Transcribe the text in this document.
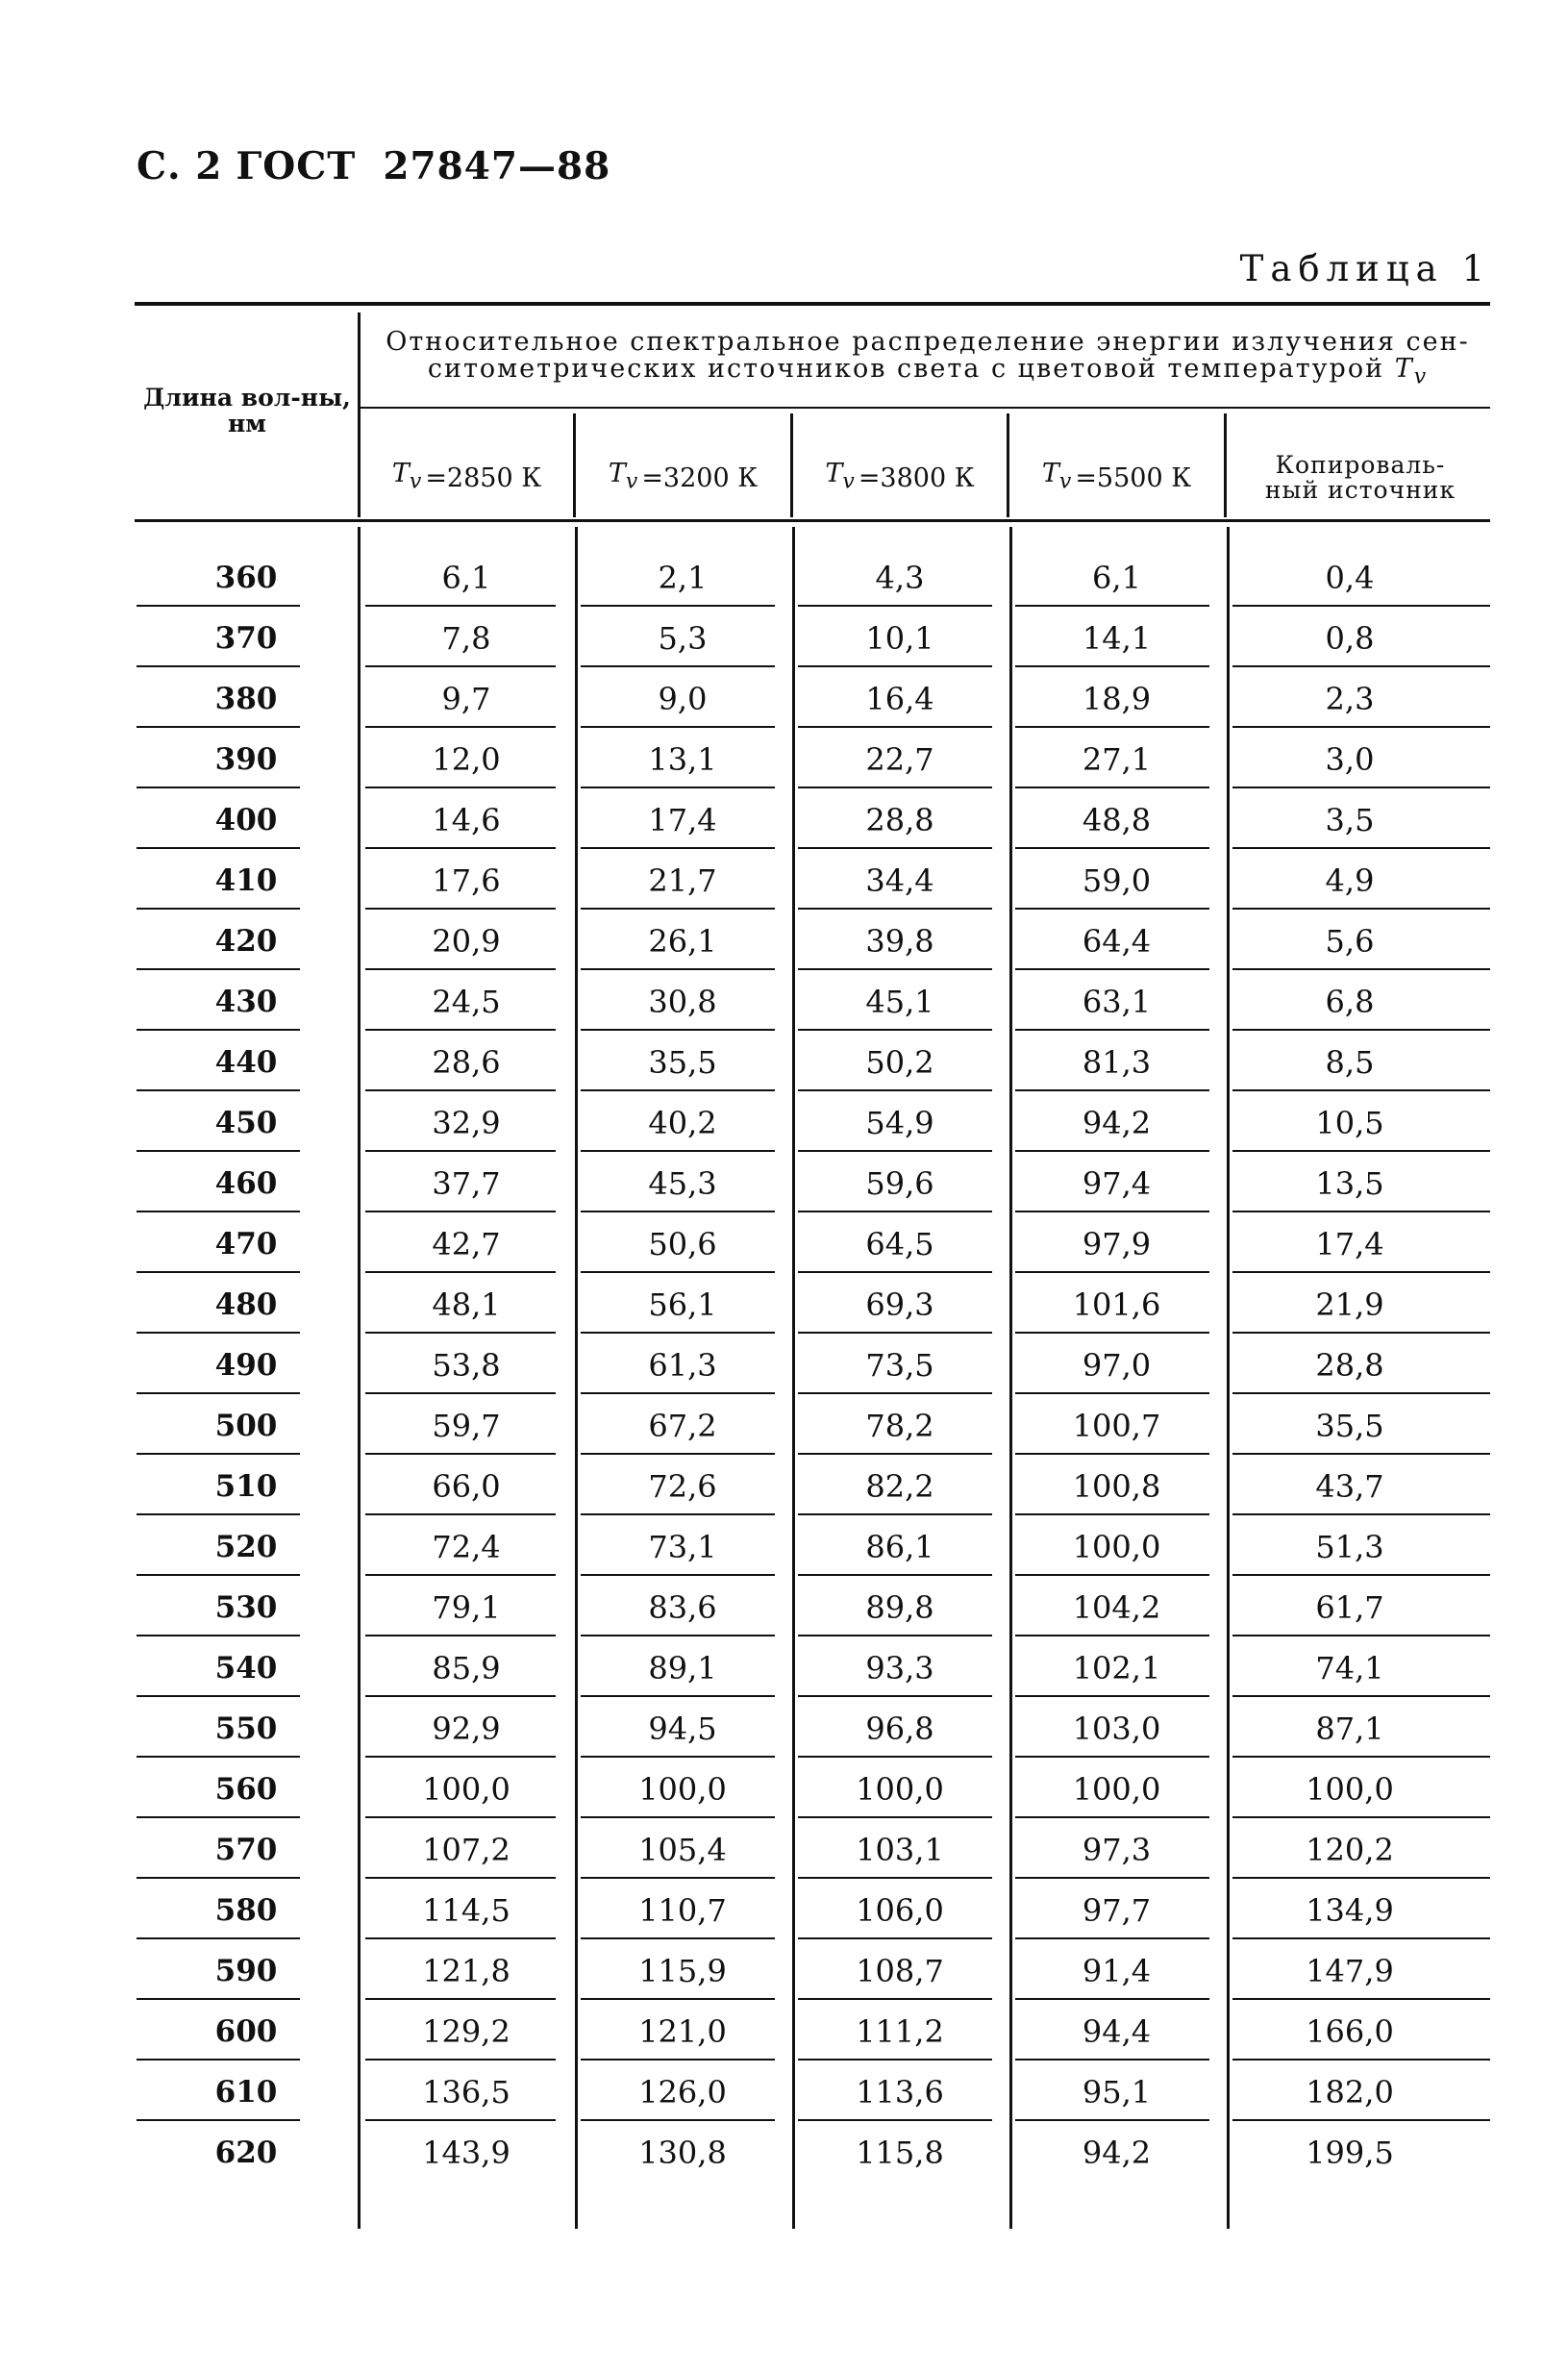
С. 2 ГОСТ 27847—88
Таблица 1
Длина вол-ны, нм
Относительное спектральное распределение энергии излучения сен-ситометрических источников света с цветовой температурой $T_v$
$T_v =2850$ К	$T_v =3200$ К	$T_v =3800$ К	$T_v =5500$ К	Копироваль-ный источник
360	6,1	2,1	4,3	6,1	0,4
370	7,8	5,3	10,1	14,1	0,8
380	9,7	9,0	16,4	18,9	2,3
390	12,0	13,1	22,7	27,1	3,0
400	14,6	17,4	28,8	48,8	3,5
410	17,6	21,7	34,4	59,0	4,9
420	20,9	26,1	39,8	64,4	5,6
430	24,5	30,8	45,1	63,1	6,8
440	28,6	35,5	50,2	81,3	8,5
450	32,9	40,2	54,9	94,2	10,5
460	37,7	45,3	59,6	97,4	13,5
470	42,7	50,6	64,5	97,9	17,4
480	48,1	56,1	69,3	101,6	21,9
490	53,8	61,3	73,5	97,0	28,8
500	59,7	67,2	78,2	100,7	35,5
510	66,0	72,6	82,2	100,8	43,7
520	72,4	73,1	86,1	100,0	51,3
530	79,1	83,6	89,8	104,2	61,7
540	85,9	89,1	93,3	102,1	74,1
550	92,9	94,5	96,8	103,0	87,1
560	100,0	100,0	100,0	100,0	100,0
570	107,2	105,4	103,1	97,3	120,2
580	114,5	110,7	106,0	97,7	134,9
590	121,8	115,9	108,7	91,4	147,9
600	129,2	121,0	111,2	94,4	166,0
610	136,5	126,0	113,6	95,1	182,0
620	143,9	130,8	115,8	94,2	199,5
